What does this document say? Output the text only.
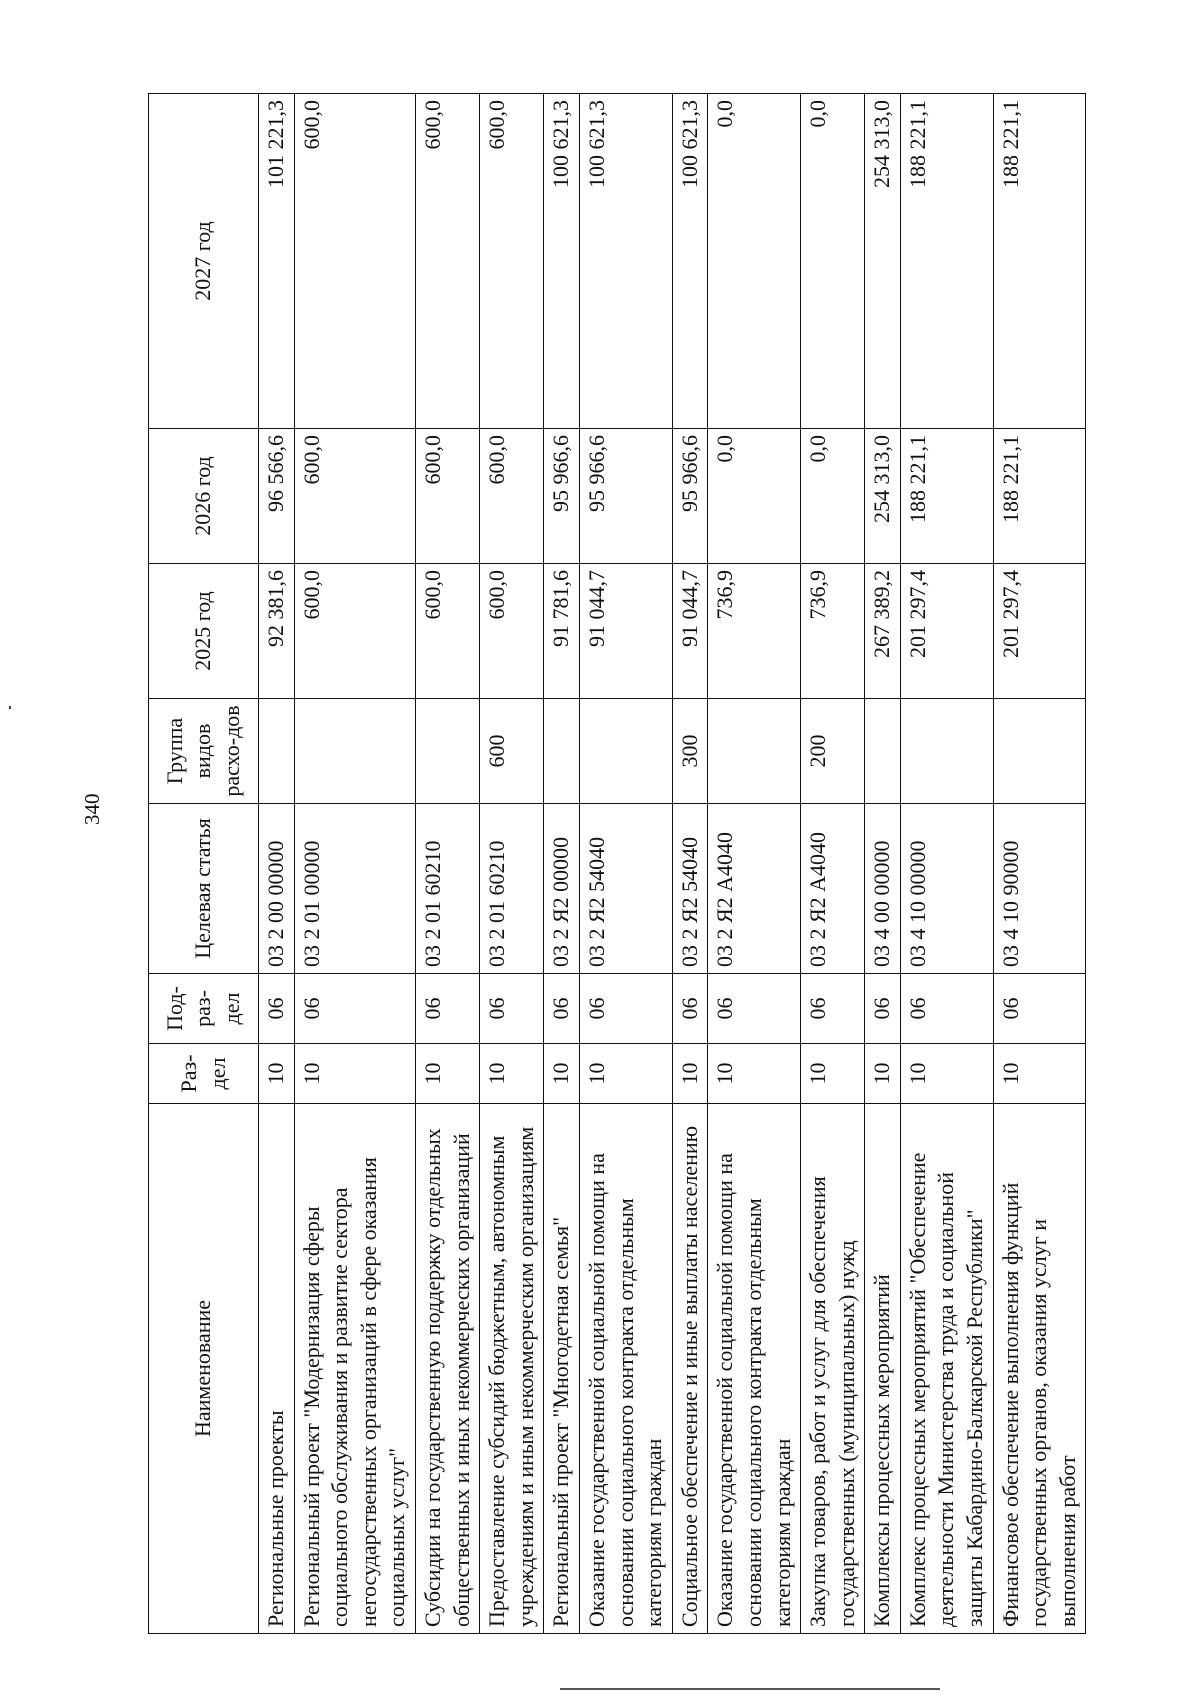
340
Наименование	Раз-дел	Под-раз-дел	Целевая статья	Группа видов расхо-дов	2025 год	2026 год	2027 год
Региональные проекты	10	06	03 2 00 00000		92 381,6	96 566,6	101 221,3
Региональный проект "Модернизация сферы социального обслуживания и развитие сектора негосударственных организаций в сфере оказания социальных услуг"	10	06	03 2 01 00000		600,0	600,0	600,0
Субсидии на государственную поддержку отдельных общественных и иных некоммерческих организаций	10	06	03 2 01 60210		600,0	600,0	600,0
Предоставление субсидий бюджетным, автономным учреждениям и иным некоммерческим организациям	10	06	03 2 01 60210	600	600,0	600,0	600,0
Региональный проект "Многодетная семья"	10	06	03 2 Я2 00000		91 781,6	95 966,6	100 621,3
Оказание государственной социальной помощи на основании социального контракта отдельным категориям граждан	10	06	03 2 Я2 54040		91 044,7	95 966,6	100 621,3
Социальное обеспечение и иные выплаты населению	10	06	03 2 Я2 54040	300	91 044,7	95 966,6	100 621,3
Оказание государственной социальной помощи на основании социального контракта отдельным категориям граждан	10	06	03 2 Я2 А4040		736,9	0,0	0,0
Закупка товаров, работ и услуг для обеспечения государственных (муниципальных) нужд	10	06	03 2 Я2 А4040	200	736,9	0,0	0,0
Комплексы процессных мероприятий	10	06	03 4 00 00000		267 389,2	254 313,0	254 313,0
Комплекс процессных мероприятий "Обеспечение деятельности Министерства труда и социальной защиты Кабардино-Балкарской Республики"	10	06	03 4 10 00000		201 297,4	188 221,1	188 221,1
Финансовое обеспечение выполнения функций государственных органов, оказания услуг и выполнения работ	10	06	03 4 10 90000		201 297,4	188 221,1	188 221,1
